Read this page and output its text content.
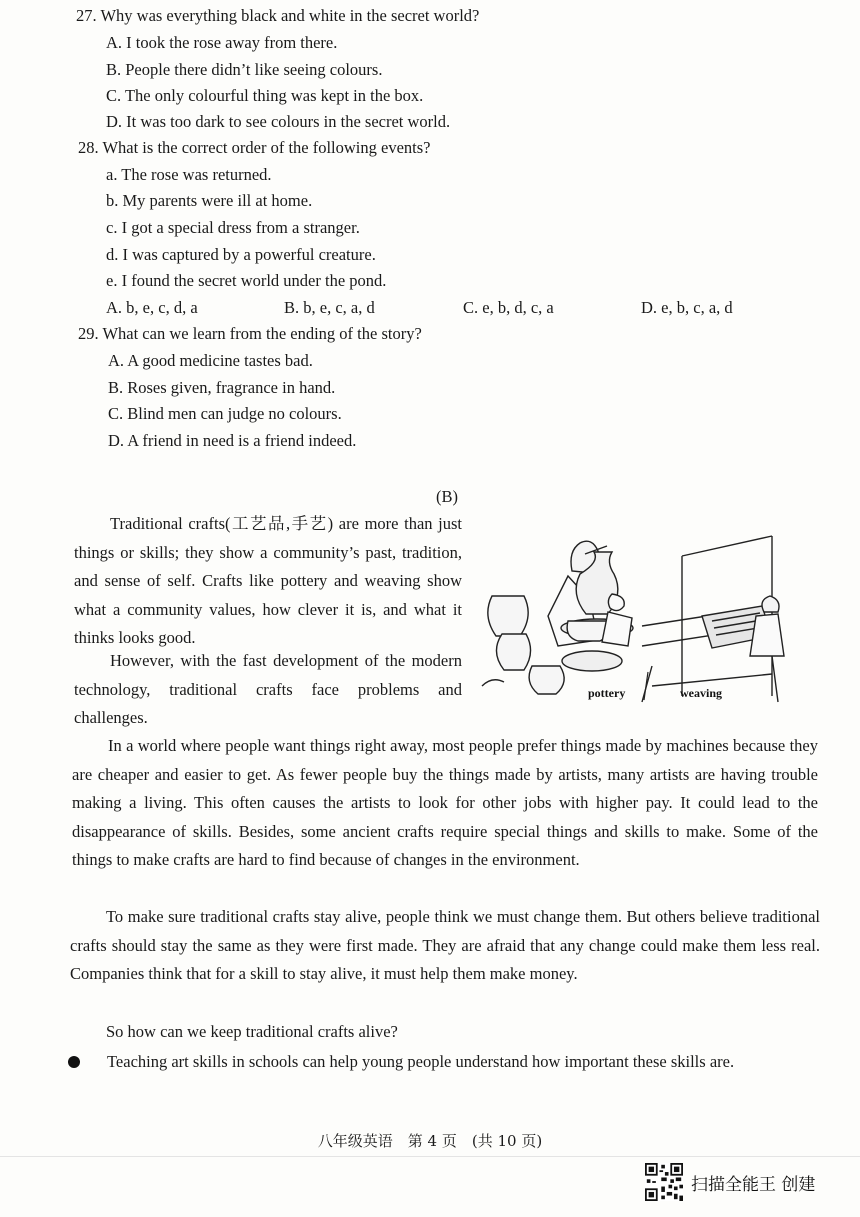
27. Why was everything black and white in the secret world?
A. I took the rose away from there.
B. People there didn’t like seeing colours.
C. The only colourful thing was kept in the box.
D. It was too dark to see colours in the secret world.
28. What is the correct order of the following events?
a. The rose was returned.
b. My parents were ill at home.
c. I got a special dress from a stranger.
d. I was captured by a powerful creature.
e. I found the secret world under the pond.
A. b, e, c, d, a	B. b, e, c, a, d	C. e, b, d, c, a	D. e, b, c, a, d
29. What can we learn from the ending of the story?
A. A good medicine tastes bad.
B. Roses given, fragrance in hand.
C. Blind men can judge no colours.
D. A friend in need is a friend indeed.
(B)
Traditional crafts(工艺品,手艺) are more than just things or skills; they show a community’s past, tradition, and sense of self. Crafts like pottery and weaving show what a community values, how clever it is, and what it thinks looks good.
However, with the fast development of the modern technology, traditional crafts face problems and challenges.
pottery	weaving
In a world where people want things right away, most people prefer things made by machines because they are cheaper and easier to get. As fewer people buy the things made by artists, many artists are having trouble making a living. This often causes the artists to look for other jobs with higher pay. It could lead to the disappearance of skills. Besides, some ancient crafts require special things and skills to make. Some of the things to make crafts are hard to find because of changes in the environment.
To make sure traditional crafts stay alive, people think we must change them. But others believe traditional crafts should stay the same as they were first made. They are afraid that any change could make them less real. Companies think that for a skill to stay alive, it must help them make money.
So how can we keep traditional crafts alive?
Teaching art skills in schools can help young people understand how important these skills are.
八年级英语　第 4 页　(共 10 页)
扫描全能王 创建
